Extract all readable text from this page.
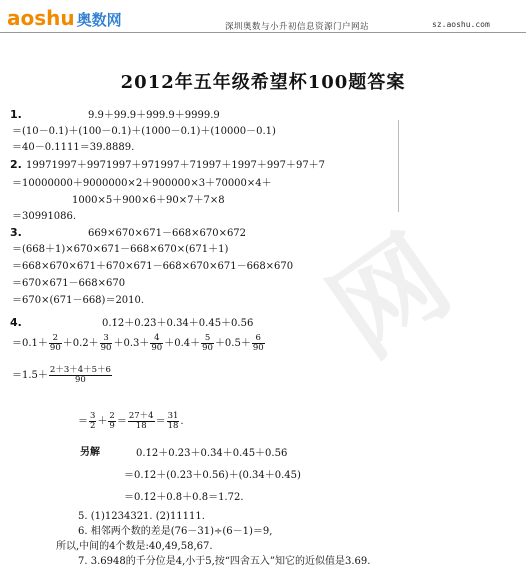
aoshu 奥数网	深圳奥数与小升初信息资源门户网站	sz.aoshu.com
网
2012年五年级希望杯100题答案
1.	9.9＋99.9＋999.9＋9999.9
＝(10－0.1)＋(100－0.1)＋(1000－0.1)＋(10000－0.1)
＝40－0.1111＝39.8889.
2. 19971997＋9971997＋971997＋71997＋1997＋997＋97＋7
＝10000000＋9000000×2＋900000×3＋70000×4＋
1000×5＋900×6＋90×7＋7×8
＝30991086.
3.	669×670×671－668×670×672
＝(668＋1)×670×671－668×670×(671＋1)
＝668×670×671＋670×671－668×670×671－668×670
＝670×671－668×670
＝670×(671－668)＝2010.
4.	0.1̇2̇＋0.2̇3̇＋0.3̇4̇＋0.4̇5̇＋0.5̇6̇
$=0.1+ \frac{2}{90} +0.2+ \frac{3}{90} +0.3+ \frac{4}{90} +0.4+ \frac{5}{90} +0.5+ \frac{6}{90}$
$=1.5+ \frac{2+3+4+5+6}{90}$
＝ $\frac{3}{2} + \frac{2}{9} = \frac{27+4}{18} = \frac{31}{18}$ .
另解	0.1̇2̇＋0.2̇3̇＋0.3̇4̇＋0.4̇5̇＋0.5̇6̇
＝0.1̇2̇＋(0.2̇3̇＋0.5̇6̇)＋(0.3̇4̇＋0.4̇5̇)
＝0.1̇2̇＋0.8̇＋0.8̇＝1.72.
5. (1)1234321. (2)11111.
6. 相邻两个数的差是(76－31)÷(6－1)＝9,
所以,中间的4个数是:40,49,58,67.
7. 3.6948的千分位是4,小于5,按“四舍五入”知它的近似值是3.69.
